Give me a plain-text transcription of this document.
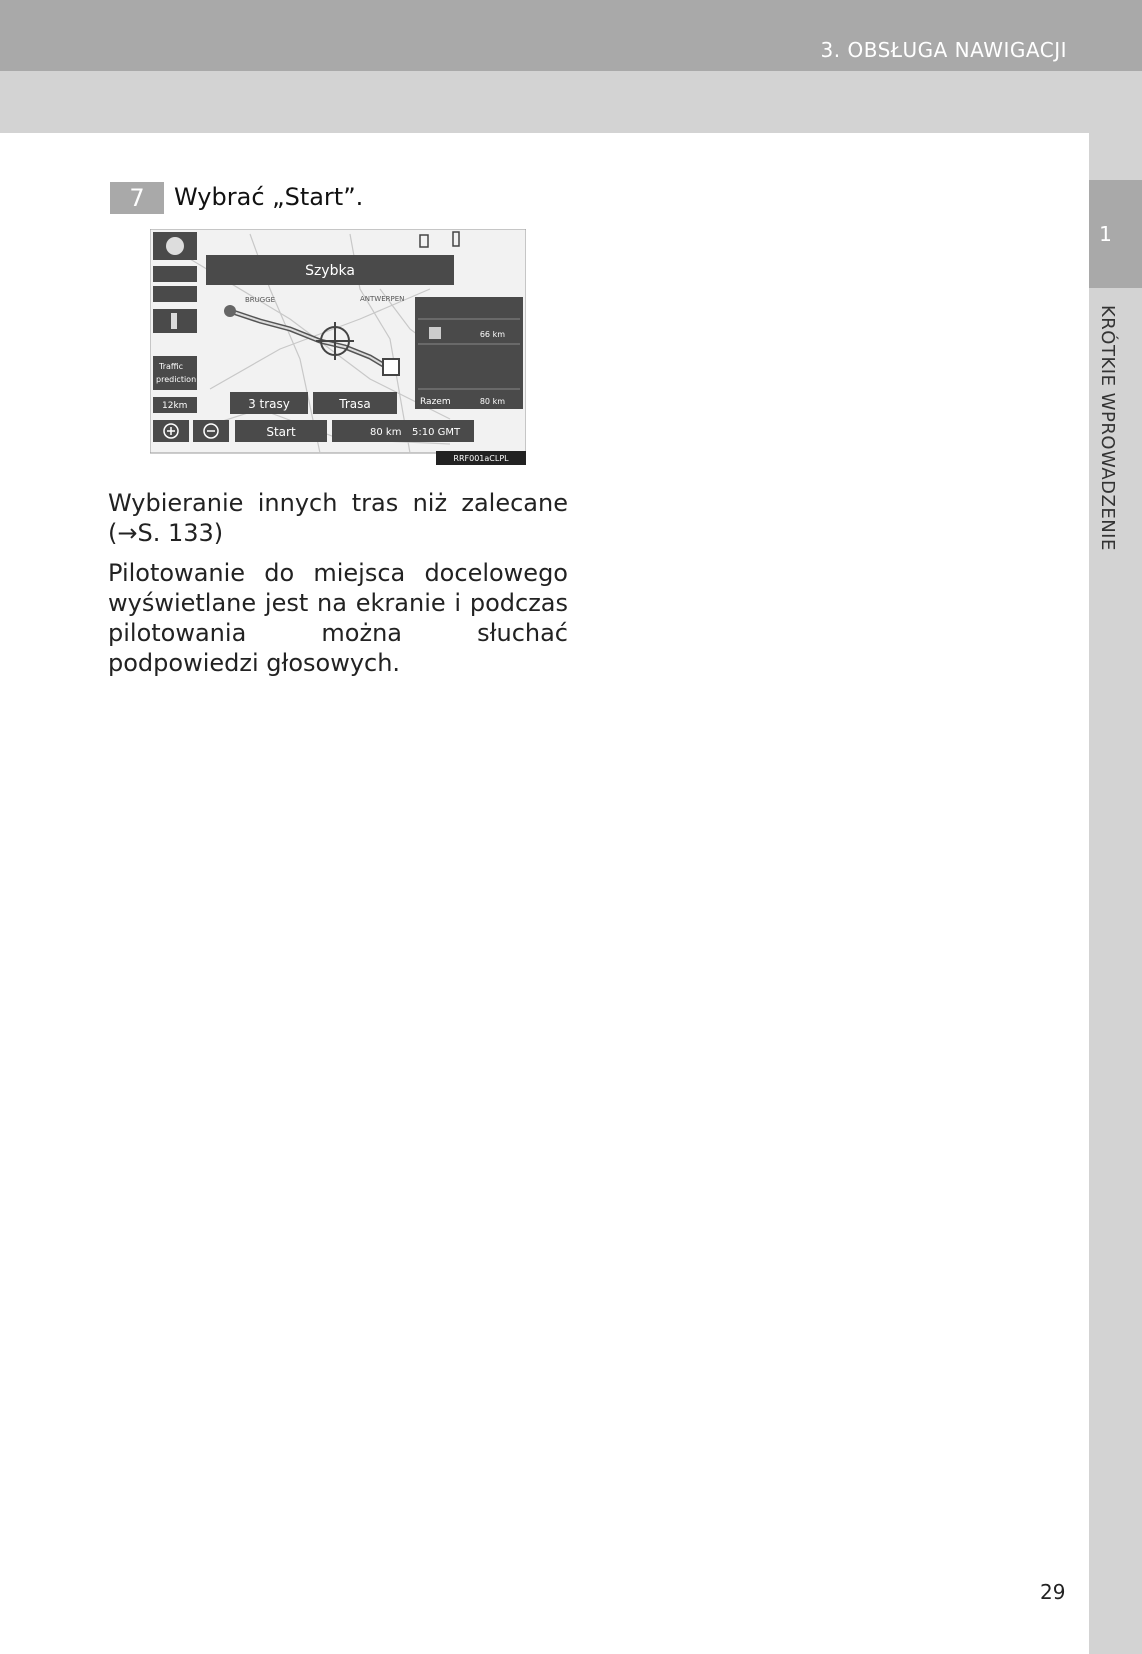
3. OBSŁUGA NAWIGACJI
1
KRÓTKIE WPROWADZENIE
7	Wybrać „Start”.
Traffic
prediction
12km
Szybka
BRUGGE	ANTWERPEN
66 km
Razem	80 km
3 trasy	Trasa
Start	80 km 5:10 GMT
RRF001aCLPL
Wybieranie innych tras niż zalecane (→S. 133)
Pilotowanie do miejsca docelowego wyświetlane jest na ekranie i podczas pilotowania można słuchać podpowiedzi głosowych.
29
